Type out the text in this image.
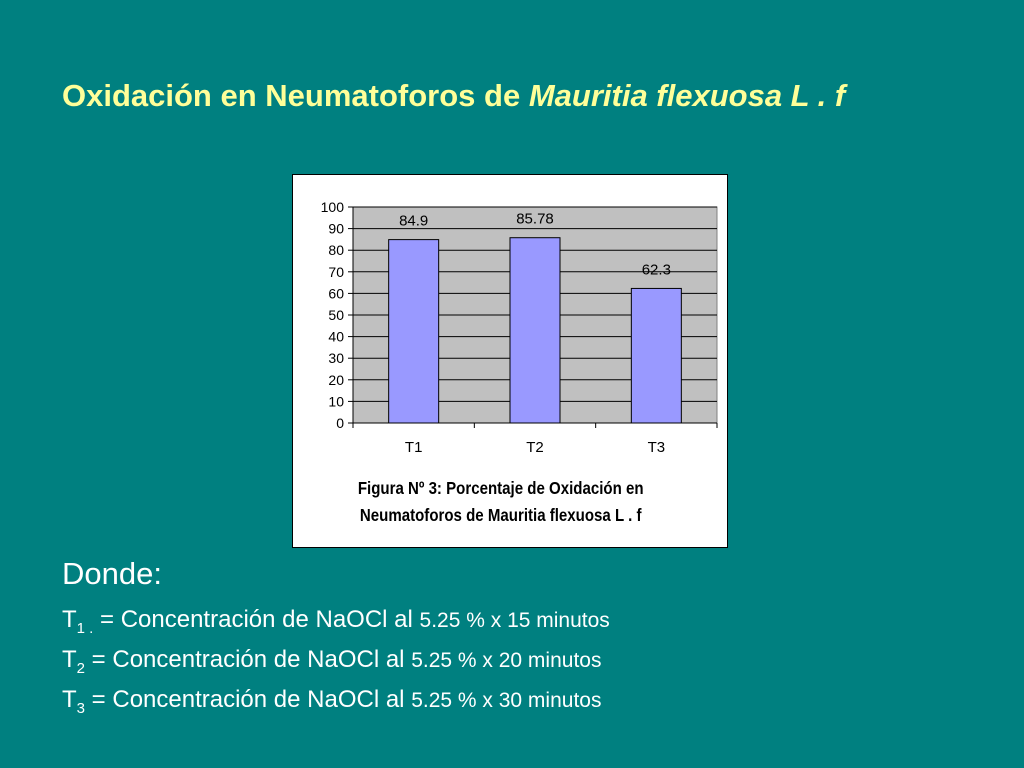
Oxidación en Neumatoforos de Mauritia flexuosa L . f
0
10
20
30
40
50
60
70
80
90
100
84.9
T1
85.78
T2
62.3
T3
Figura Nº 3: Porcentaje de Oxidación en
Neumatoforos de Mauritia flexuosa L . f
Donde:
$T_{1 .}$ = Concentración de NaOCl al 5.25 % x 15 minutos
$T_2$ = Concentración de NaOCl al 5.25 % x 20 minutos
$T_3$ = Concentración de NaOCl al 5.25 % x 30 minutos
